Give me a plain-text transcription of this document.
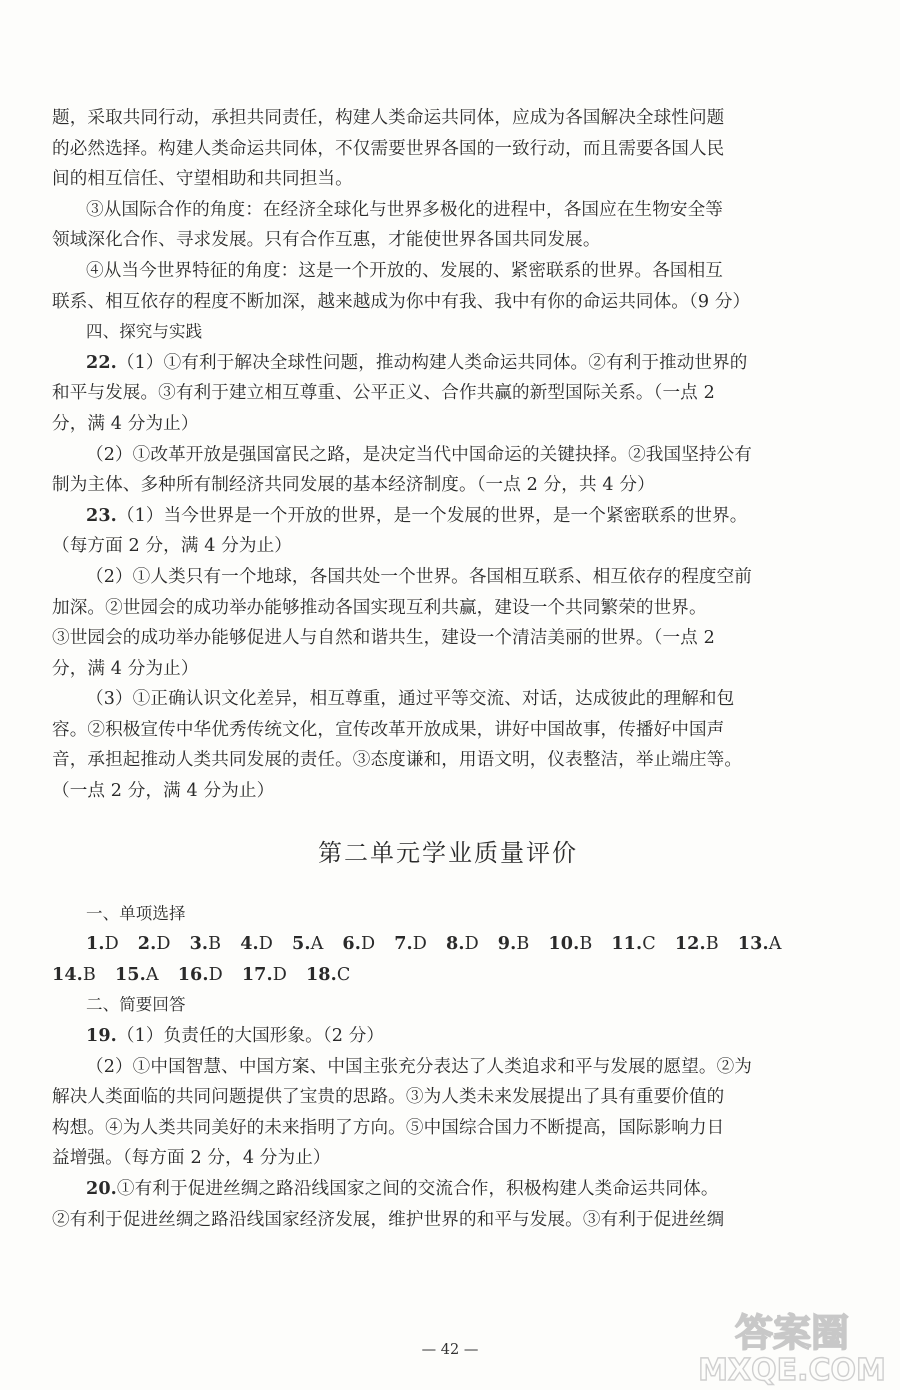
题，采取共同行动，承担共同责任，构建人类命运共同体，应成为各国解决全球性问题
的必然选择。构建人类命运共同体，不仅需要世界各国的一致行动，而且需要各国人民
间的相互信任、守望相助和共同担当。
③从国际合作的角度：在经济全球化与世界多极化的进程中，各国应在生物安全等
领域深化合作、寻求发展。只有合作互惠，才能使世界各国共同发展。
④从当今世界特征的角度：这是一个开放的、发展的、紧密联系的世界。各国相互
联系、相互依存的程度不断加深，越来越成为你中有我、我中有你的命运共同体。（9 分）
四、探究与实践
22.（1）①有利于解决全球性问题，推动构建人类命运共同体。②有利于推动世界的
和平与发展。③有利于建立相互尊重、公平正义、合作共赢的新型国际关系。（一点 2
分，满 4 分为止）
（2）①改革开放是强国富民之路，是决定当代中国命运的关键抉择。②我国坚持公有
制为主体、多种所有制经济共同发展的基本经济制度。（一点 2 分，共 4 分）
23.（1）当今世界是一个开放的世界，是一个发展的世界，是一个紧密联系的世界。
（每方面 2 分，满 4 分为止）
（2）①人类只有一个地球，各国共处一个世界。各国相互联系、相互依存的程度空前
加深。②世园会的成功举办能够推动各国实现互利共赢，建设一个共同繁荣的世界。
③世园会的成功举办能够促进人与自然和谐共生，建设一个清洁美丽的世界。（一点 2
分，满 4 分为止）
（3）①正确认识文化差异，相互尊重，通过平等交流、对话，达成彼此的理解和包
容。②积极宣传中华优秀传统文化，宣传改革开放成果，讲好中国故事，传播好中国声
音，承担起推动人类共同发展的责任。③态度谦和，用语文明，仪表整洁，举止端庄等。
（一点 2 分，满 4 分为止）
第二单元学业质量评价
一、单项选择
1.D 2.D 3.B 4.D 5.A 6.D 7.D 8.D 9.B 10.B 11.C 12.B 13.A
14.B 15.A 16.D 17.D 18.C
二、简要回答
19.（1）负责任的大国形象。（2 分）
（2）①中国智慧、中国方案、中国主张充分表达了人类追求和平与发展的愿望。②为
解决人类面临的共同问题提供了宝贵的思路。③为人类未来发展提出了具有重要价值的
构想。④为人类共同美好的未来指明了方向。⑤中国综合国力不断提高，国际影响力日
益增强。（每方面 2 分，4 分为止）
20.①有利于促进丝绸之路沿线国家之间的交流合作，积极构建人类命运共同体。
②有利于促进丝绸之路沿线国家经济发展，维护世界的和平与发展。③有利于促进丝绸
— 42 —	答案圈
MXQE.COM
